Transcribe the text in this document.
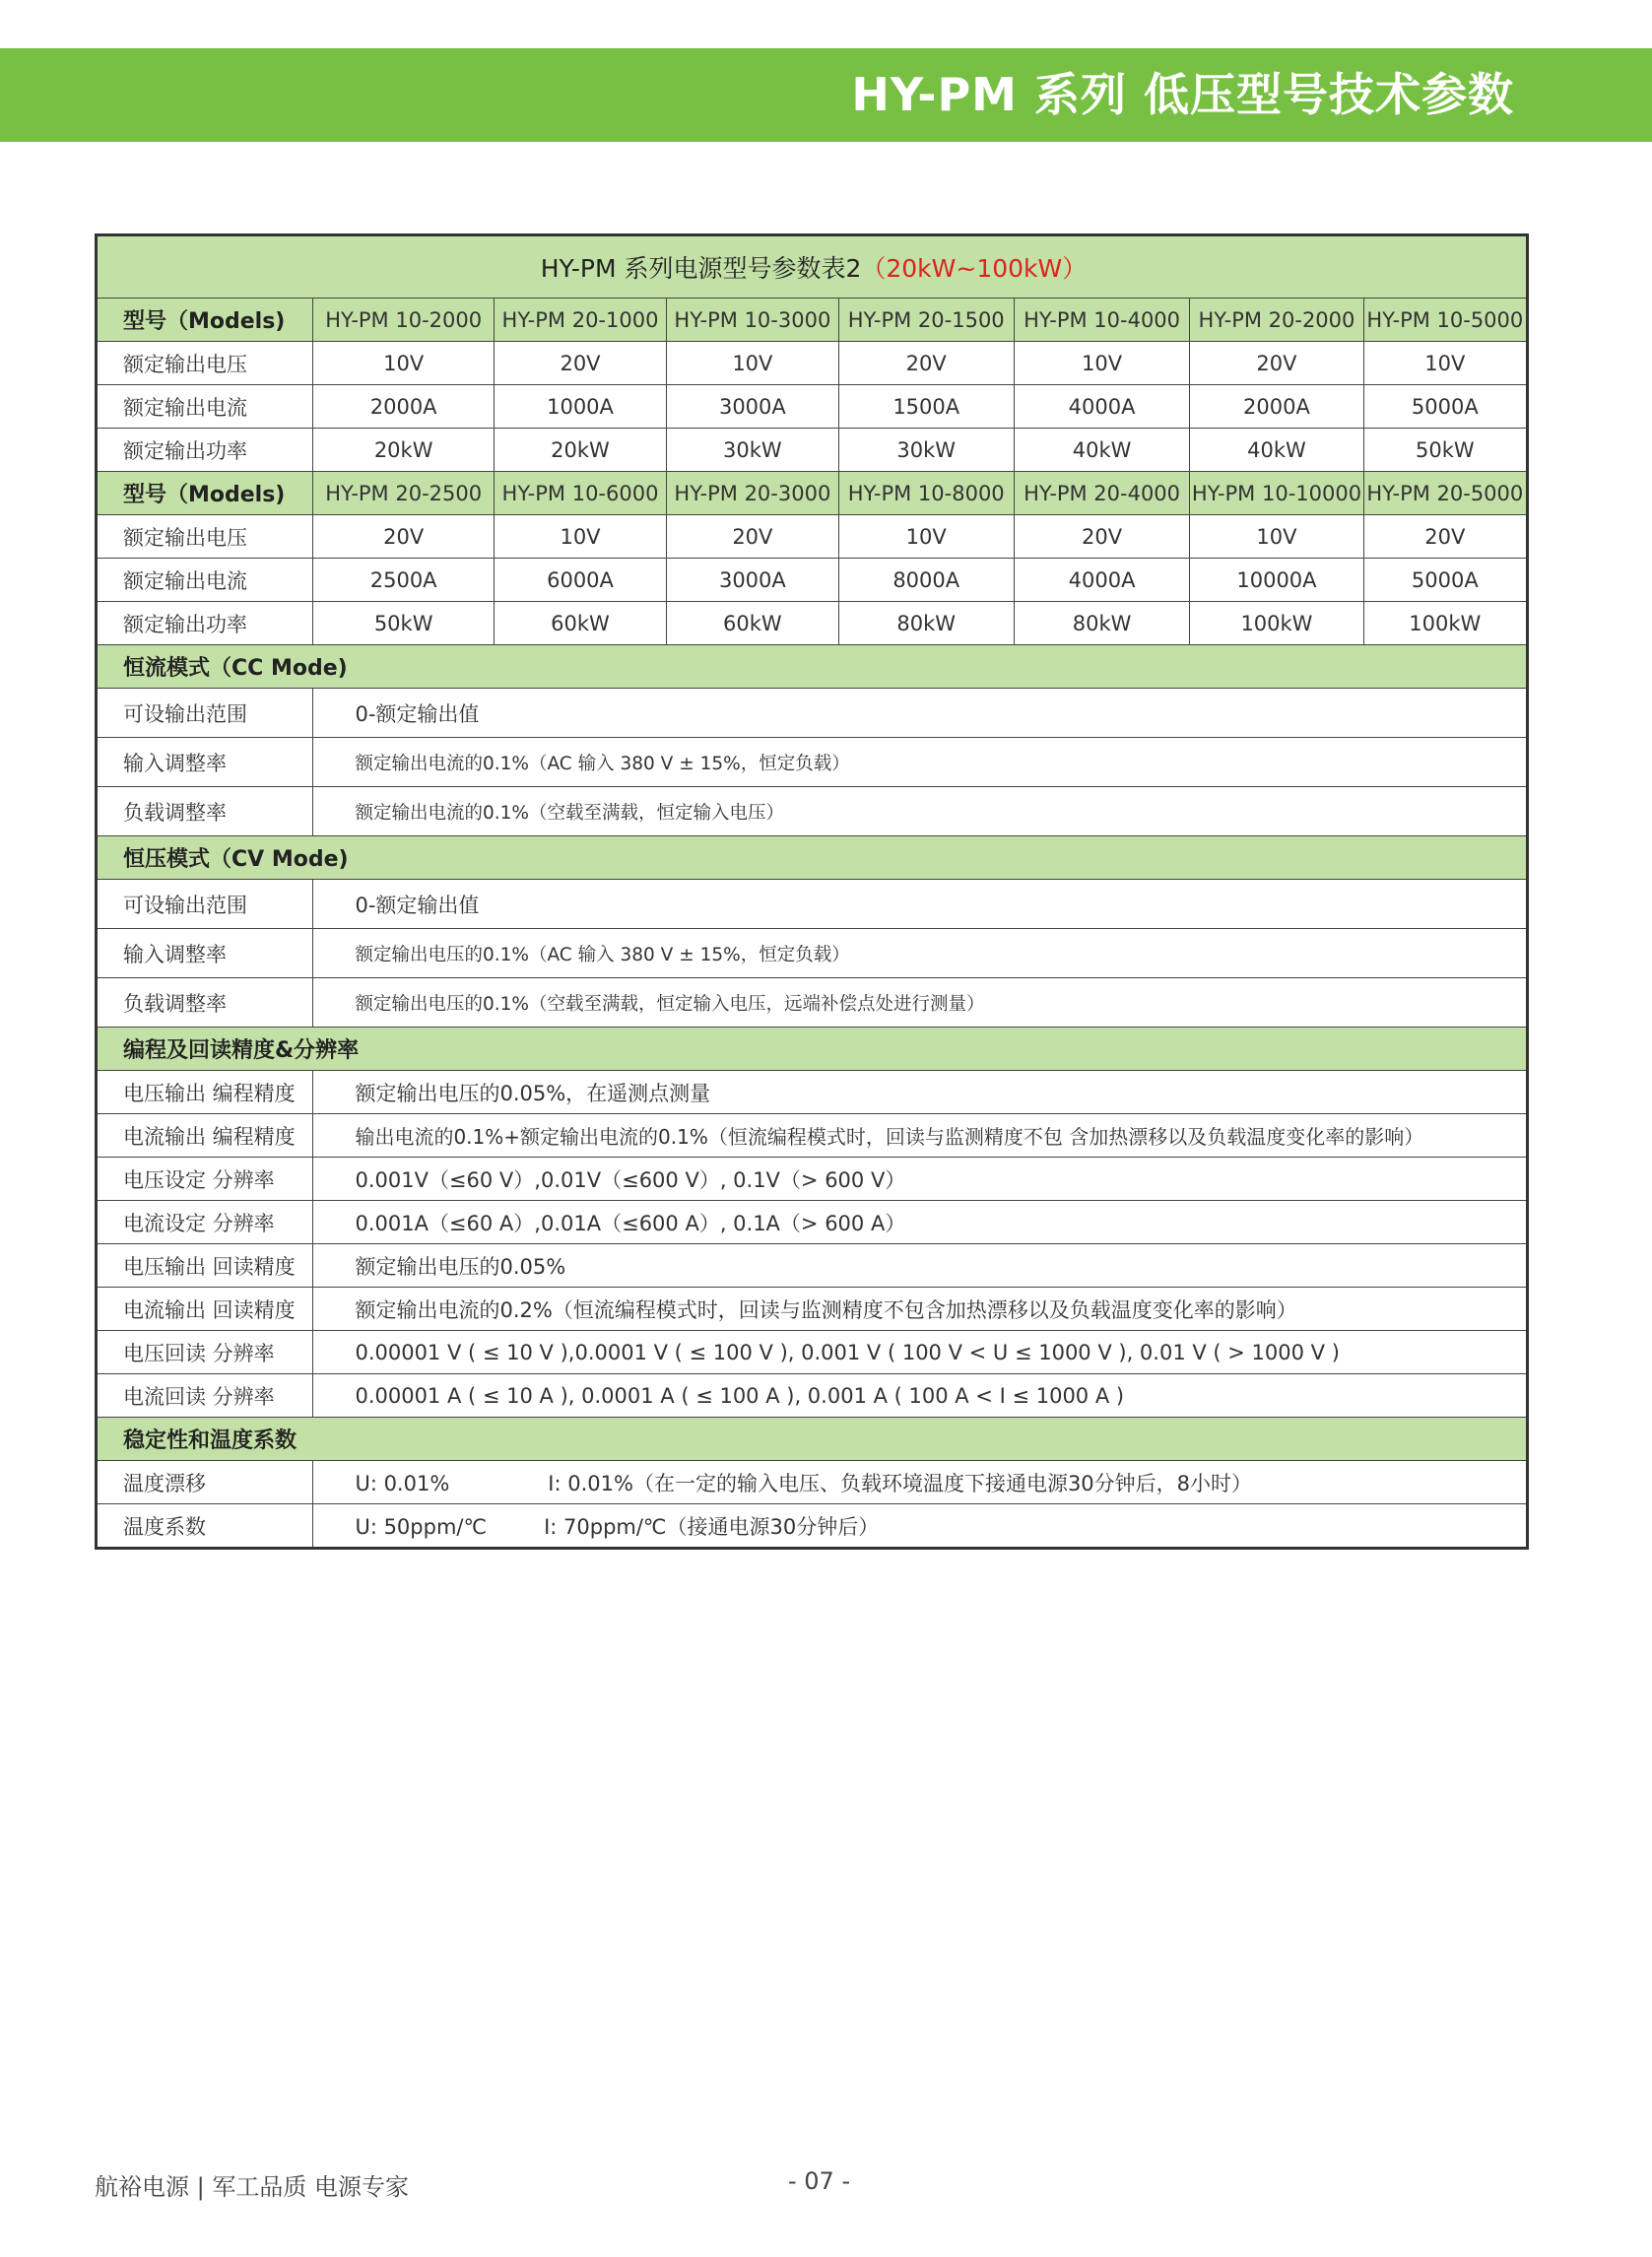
HY-PM 系列 低压型号技术参数
HY-PM 系列电源型号参数表2（20kW~100kW）							
型号（Models)	HY-PM 10-2000	HY-PM 20-1000	HY-PM 10-3000	HY-PM 20-1500	HY-PM 10-4000	HY-PM 20-2000	HY-PM 10-5000
额定输出电压	10V	20V	10V	20V	10V	20V	10V
额定输出电流	2000A	1000A	3000A	1500A	4000A	2000A	5000A
额定输出功率	20kW	20kW	30kW	30kW	40kW	40kW	50kW
型号（Models)	HY-PM 20-2500	HY-PM 10-6000	HY-PM 20-3000	HY-PM 10-8000	HY-PM 20-4000	HY-PM 10-10000	HY-PM 20-5000
额定输出电压	20V	10V	20V	10V	20V	10V	20V
额定输出电流	2500A	6000A	3000A	8000A	4000A	10000A	5000A
额定输出功率	50kW	60kW	60kW	80kW	80kW	100kW	100kW
恒流模式（CC Mode)							
可设输出范围	0-额定输出值						
输入调整率	额定输出电流的0.1%（AC 输入 380 V ± 15%，恒定负载）						
负载调整率	额定输出电流的0.1%（空载至满载，恒定输入电压）						
恒压模式（CV Mode)							
可设输出范围	0-额定输出值						
输入调整率	额定输出电压的0.1%（AC 输入 380 V ± 15%，恒定负载）						
负载调整率	额定输出电压的0.1%（空载至满载，恒定输入电压，远端补偿点处进行测量）						
编程及回读精度&分辨率							
电压输出 编程精度	额定输出电压的0.05%，在遥测点测量						
电流输出 编程精度	输出电流的0.1%+额定输出电流的0.1%（恒流编程模式时，回读与监测精度不包 含加热漂移以及负载温度变化率的影响）						
电压设定 分辨率	0.001V（≤60 V）,0.01V（≤600 V）, 0.1V（> 600 V）						
电流设定 分辨率	0.001A（≤60 A）,0.01A（≤600 A）, 0.1A（> 600 A）						
电压输出 回读精度	额定输出电压的0.05%						
电流输出 回读精度	额定输出电流的0.2%（恒流编程模式时，回读与监测精度不包含加热漂移以及负载温度变化率的影响）						
电压回读 分辨率	0.00001 V ( ≤ 10 V ),0.0001 V ( ≤ 100 V ), 0.001 V ( 100 V < U ≤ 1000 V ), 0.01 V ( > 1000 V )						
电流回读 分辨率	0.00001 A ( ≤ 10 A ), 0.0001 A ( ≤ 100 A ), 0.001 A ( 100 A < I ≤ 1000 A )						
稳定性和温度系数							
温度漂移	U: 0.01% I: 0.01%（在一定的输入电压、负载环境温度下接通电源30分钟后，8小时）						
温度系数	U: 50ppm/℃ I: 70ppm/℃（接通电源30分钟后）						
航裕电源 | 军工品质 电源专家	- 07 -
